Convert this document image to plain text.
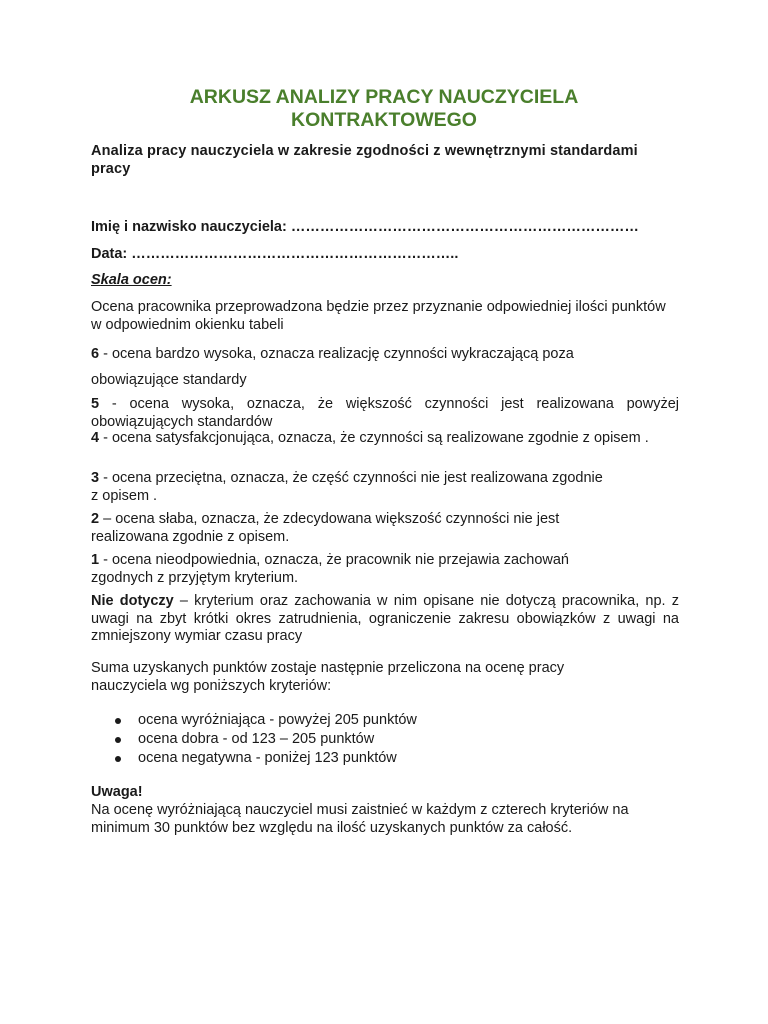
ARKUSZ ANALIZY PRACY NAUCZYCIELA
KONTRAKTOWEGO
Analiza pracy nauczyciela w zakresie zgodności z wewnętrznymi standardami pracy
Imię i nazwisko nauczyciela: ………………………………………………………………
Data: …………………………………………………………..
Skala ocen:
Ocena pracownika przeprowadzona będzie przez przyznanie odpowiedniej ilości punktów w odpowiednim okienku tabeli
6 - ocena bardzo wysoka, oznacza realizację czynności wykraczającą poza
obowiązujące standardy
5 - ocena wysoka, oznacza, że większość czynności jest realizowana powyżej obowiązujących standardów
4 - ocena satysfakcjonująca, oznacza, że czynności są realizowane zgodnie z opisem .
3 - ocena przeciętna, oznacza, że część czynności nie jest realizowana zgodnie
z opisem .
2 – ocena słaba, oznacza, że zdecydowana większość czynności nie jest realizowana zgodnie z opisem.
1 - ocena nieodpowiednia, oznacza, że pracownik nie przejawia zachowań zgodnych z przyjętym kryterium.
Nie dotyczy – kryterium oraz zachowania w nim opisane nie dotyczą pracownika, np. z uwagi na zbyt krótki okres zatrudnienia, ograniczenie zakresu obowiązków z uwagi na zmniejszony wymiar czasu pracy
Suma uzyskanych punktów zostaje następnie przeliczona na ocenę pracy nauczyciela wg poniższych kryteriów:
ocena wyróżniająca - powyżej 205 punktów
ocena dobra - od 123 – 205 punktów
ocena negatywna - poniżej 123 punktów
Uwaga!
Na ocenę wyróżniającą nauczyciel musi zaistnieć w każdym z czterech kryteriów na minimum 30 punktów bez względu na ilość uzyskanych punktów za całość.
